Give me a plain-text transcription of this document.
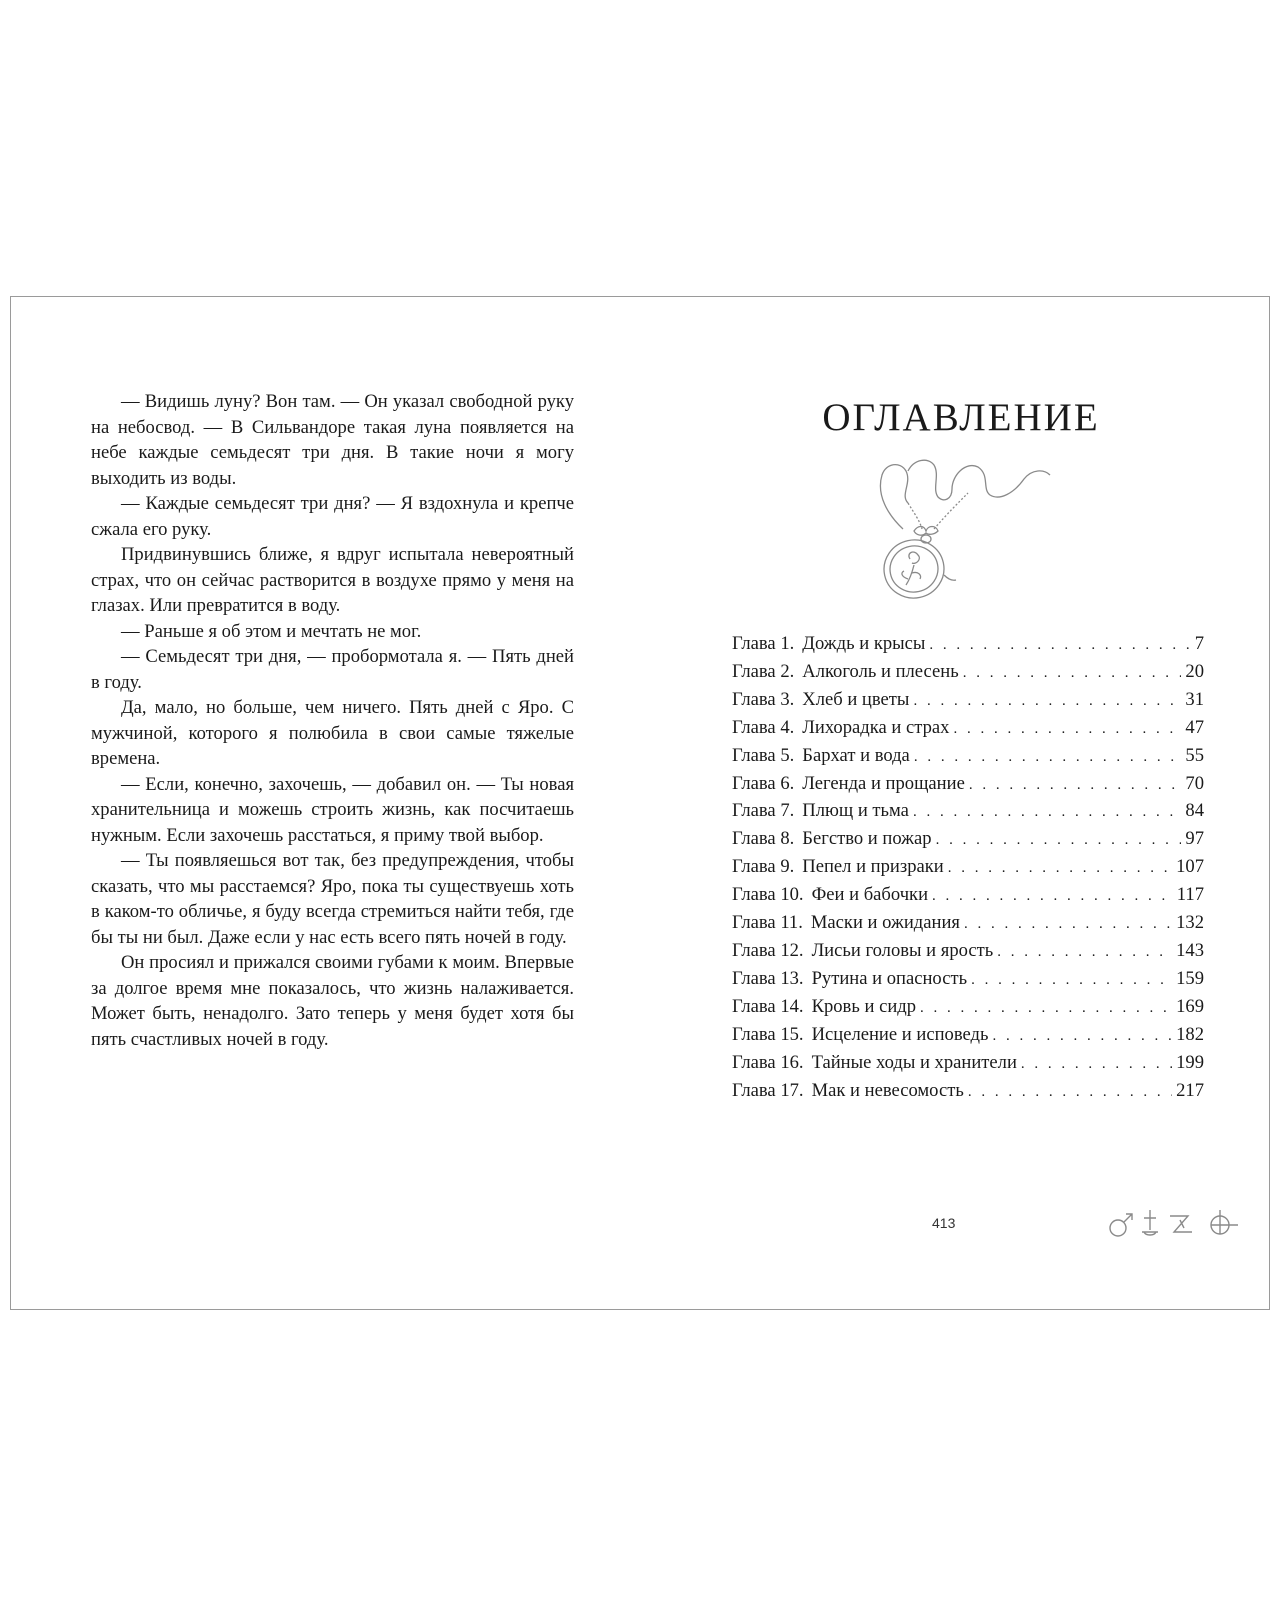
— Видишь луну? Вон там. — Он указал свободной руку на небосвод. — В Сильвандоре такая луна появляется на небе каждые семьдесят три дня. В такие ночи я могу выходить из воды.

— Каждые семьдесят три дня? — Я вздохнула и крепче сжала его руку.

Придвинувшись ближе, я вдруг испытала невероятный страх, что он сейчас растворится в воздухе прямо у меня на глазах. Или превратится в воду.

— Раньше я об этом и мечтать не мог.

— Семьдесят три дня, — пробормотала я. — Пять дней в году.

Да, мало, но больше, чем ничего. Пять дней с Яро. С мужчиной, которого я полюбила в свои самые тяжелые времена.

— Если, конечно, захочешь, — добавил он. — Ты новая хранительница и можешь строить жизнь, как посчитаешь нужным. Если захочешь расстаться, я приму твой выбор.

— Ты появляешься вот так, без предупреждения, чтобы сказать, что мы расстаемся? Яро, пока ты существуешь хоть в каком-то обличье, я буду всегда стремиться найти тебя, где бы ты ни был. Даже если у нас есть всего пять ночей в году.

Он просиял и прижался своими губами к моим. Впервые за долгое время мне показалось, что жизнь налаживается. Может быть, ненадолго. Зато теперь у меня будет хотя бы пять счастливых ночей в году.

ОГЛАВЛЕНИЕ
Глава 1. Дождь и крысы . . .	7
Глава 2. Алкоголь и плесень . . .	20
Глава 3. Хлеб и цветы . . .	31
Глава 4. Лихорадка и страх . . .	47
Глава 5. Бархат и вода . . .	55
Глава 6. Легенда и прощание . . .	70
Глава 7. Плющ и тьма . . .	84
Глава 8. Бегство и пожар . . .	97
Глава 9. Пепел и призраки . . .	107
Глава 10. Феи и бабочки . . .	117
Глава 11. Маски и ожидания . . .	132
Глава 12. Лисьи головы и ярость . . .	143
Глава 13. Рутина и опасность . . .	159
Глава 14. Кровь и сидр . . .	169
Глава 15. Исцеление и исповедь . . .	182
Глава 16. Тайные ходы и хранители . . .	199
Глава 17. Мак и невесомость . . .	217
413
